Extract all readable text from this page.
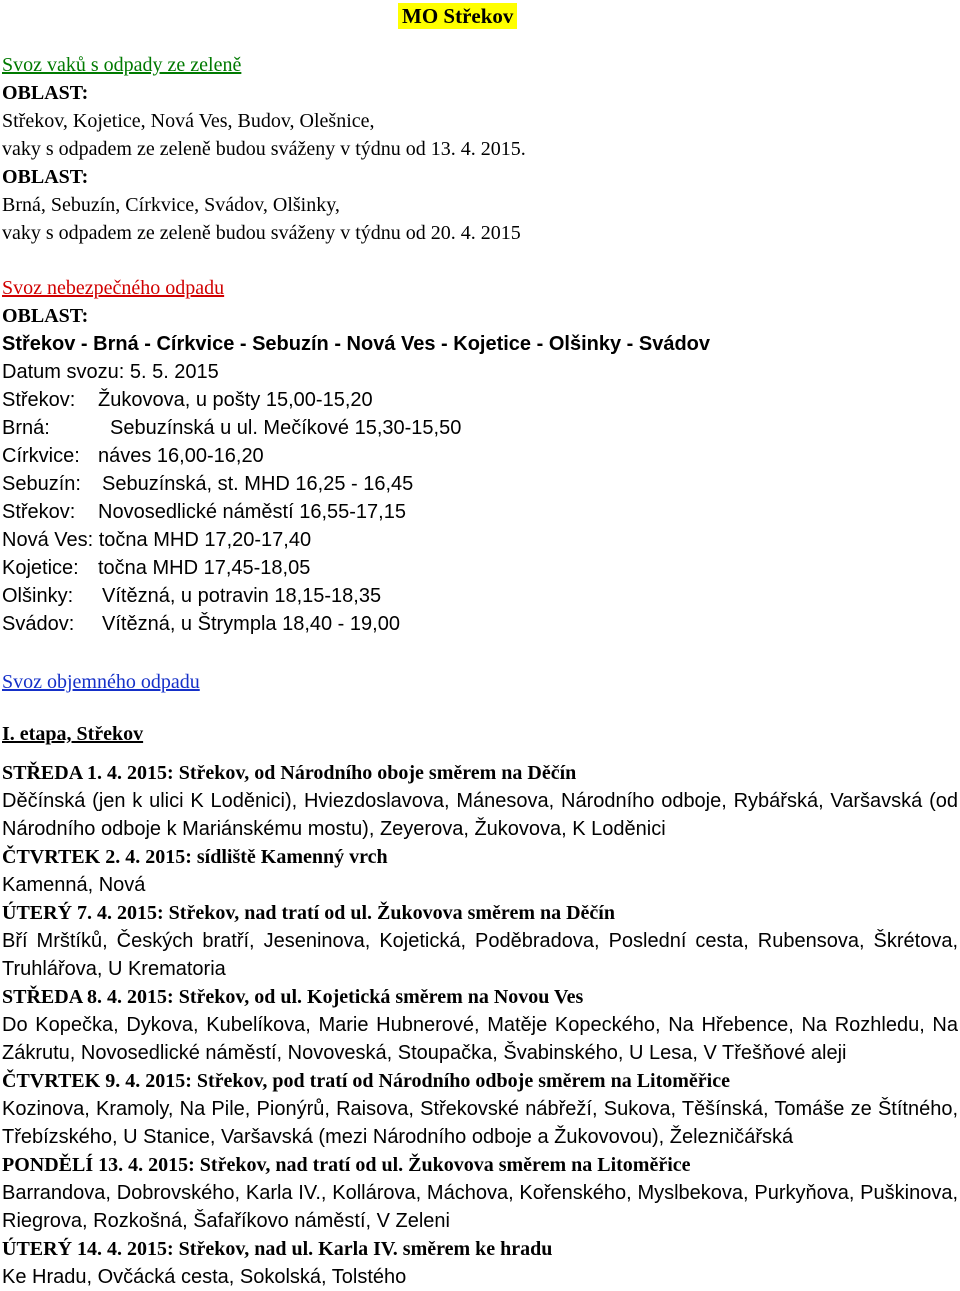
MO Střekov
Svoz vaků s odpady ze zeleně
OBLAST:
Střekov, Kojetice, Nová Ves, Budov, Olešnice,
vaky s odpadem ze zeleně budou sváženy v týdnu od 13. 4. 2015.
OBLAST:
Brná, Sebuzín, Církvice, Svádov, Olšinky,
vaky s odpadem ze zeleně budou sváženy v týdnu od 20. 4. 2015
Svoz nebezpečného odpadu
OBLAST:
Střekov - Brná - Církvice - Sebuzín - Nová Ves - Kojetice - Olšinky - Svádov
Datum svozu: 5. 5. 2015
Střekov: Žukovova, u pošty 15,00-15,20
Brná:	Sebuzínská u ul. Mečíkové 15,30-15,50
Církvice: náves 16,00-16,20
Sebuzín: Sebuzínská, st. MHD 16,25 - 16,45
Střekov: Novosedlické náměstí 16,55-17,15
Nová Ves: točna MHD 17,20-17,40
Kojetice: točna MHD 17,45-18,05
Olšinky: Vítězná, u potravin 18,15-18,35
Svádov: Vítězná, u Štrympla 18,40 - 19,00
Svoz objemného odpadu
I. etapa, Střekov
STŘEDA 1. 4. 2015: Střekov, od Národního oboje směrem na Děčín
Děčínská (jen k ulici K Loděnici), Hviezdoslavova, Mánesova, Národního odboje, Rybářská, Varšavská (od Národního odboje k Mariánskému mostu), Zeyerova, Žukovova, K Loděnici
ČTVRTEK 2. 4. 2015: sídliště Kamenný vrch
Kamenná, Nová
ÚTERÝ 7. 4. 2015: Střekov, nad tratí od ul. Žukovova směrem na Děčín
Bří Mrštíků, Českých bratří, Jeseninova, Kojetická, Poděbradova, Poslední cesta, Rubensova, Škrétova, Truhlářova, U Krematoria
STŘEDA 8. 4. 2015: Střekov, od ul. Kojetická směrem na Novou Ves
Do Kopečka, Dykova, Kubelíkova, Marie Hubnerové, Matěje Kopeckého, Na Hřebence, Na Rozhledu, Na Zákrutu, Novosedlické náměstí, Novoveská, Stoupačka, Švabinského, U Lesa, V Třešňové aleji
ČTVRTEK 9. 4. 2015: Střekov, pod tratí od Národního odboje směrem na Litoměřice
Kozinova, Kramoly, Na Pile, Pionýrů, Raisova, Střekovské nábřeží, Sukova, Těšínská, Tomáše ze Štítného, Třebízského, U Stanice, Varšavská (mezi Národního odboje a Žukovovou), Železničářská
PONDĚLÍ 13. 4. 2015: Střekov, nad tratí od ul. Žukovova směrem na Litoměřice
Barrandova, Dobrovského, Karla IV., Kollárova, Máchova, Kořenského, Myslbekova, Purkyňova, Puškinova, Riegrova, Rozkošná, Šafaříkovo náměstí, V Zeleni
ÚTERÝ 14. 4. 2015: Střekov, nad ul. Karla IV. směrem ke hradu
Ke Hradu, Ovčácká cesta, Sokolská, Tolstého
